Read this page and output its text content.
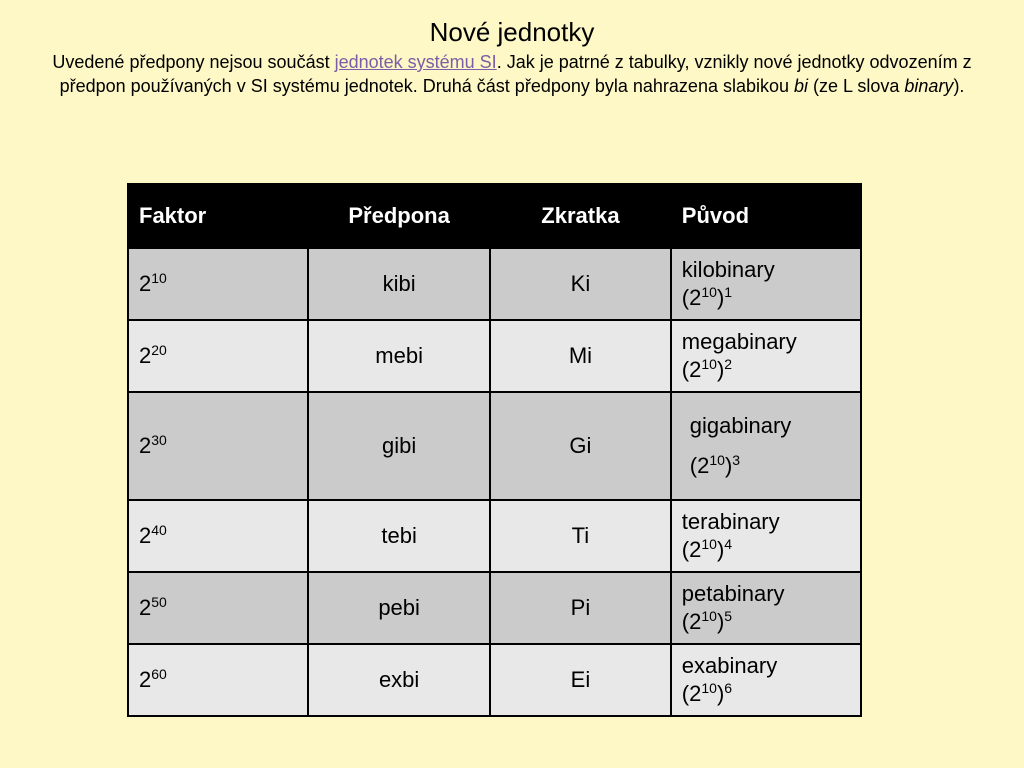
Nové jednotky
Uvedené předpony nejsou součást jednotek systému SI. Jak je patrné z tabulky, vznikly nové jednotky odvozením z předpon používaných v SI systému jednotek. Druhá část předpony byla nahrazena slabikou bi (ze L slova binary).
Faktor	Předpona	Zkratka	Původ
$2^{10}$	kibi	Ki	kilobinary
$(2^{10})^1$
$2^{20}$	mebi	Mi	megabinary
$(2^{10})^2$
$2^{30}$	gibi	Gi	gigabinary
$(2^{10})^3$
$2^{40}$	tebi	Ti	terabinary
$(2^{10})^4$
$2^{50}$	pebi	Pi	petabinary
$(2^{10})^5$
$2^{60}$	exbi	Ei	exabinary
$(2^{10})^6$
